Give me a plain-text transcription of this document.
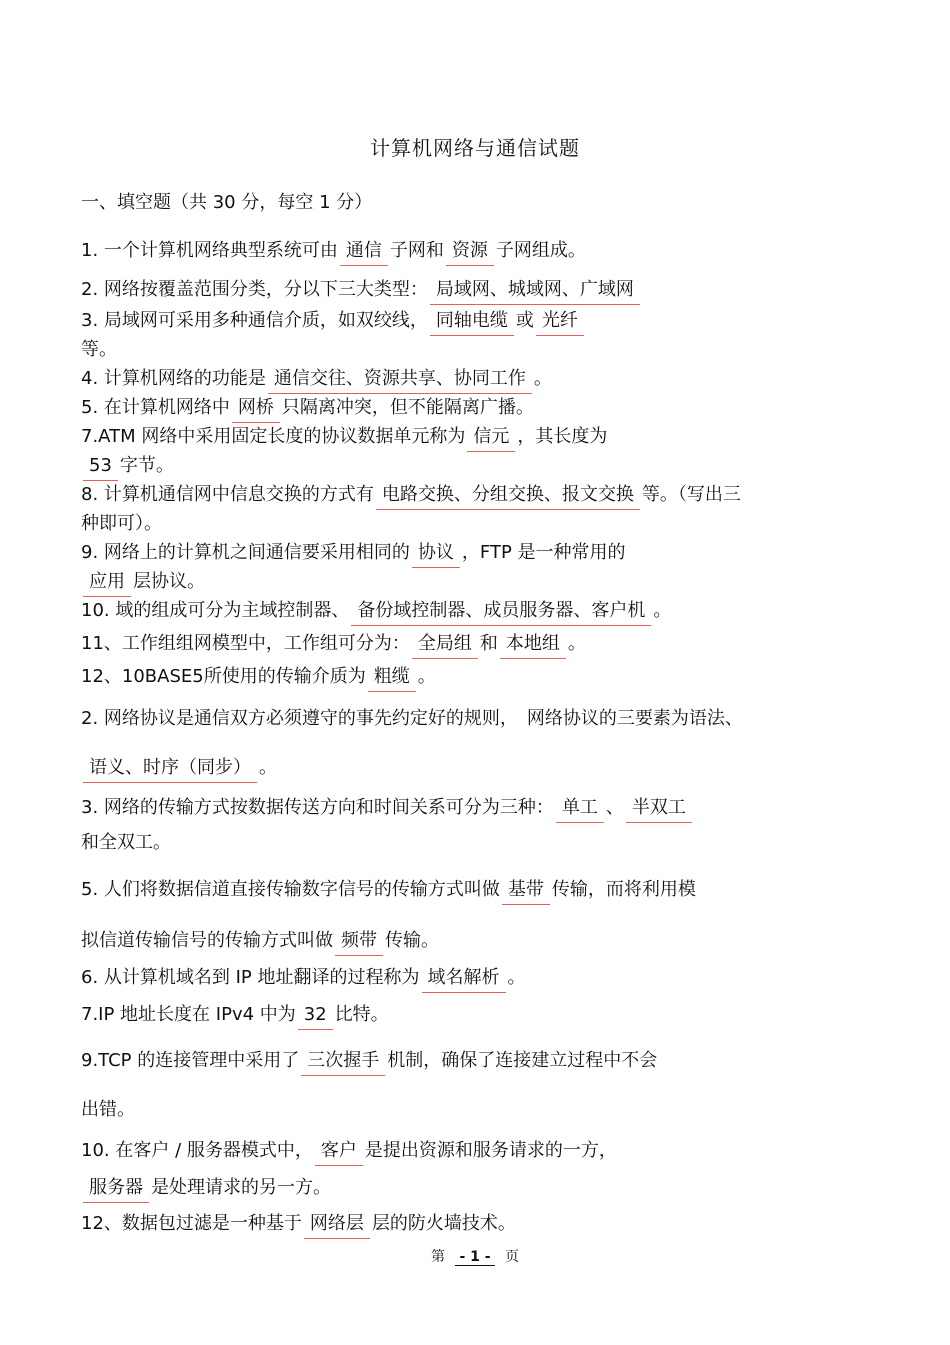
计算机网络与通信试题
一、填空题（共 30 分，每空 1 分）
1. 一个计算机网络典型系统可由 通信 子网和 资源 子网组成。
2. 网络按覆盖范围分类，分以下三大类型： 局域网、城域网、广域网
3. 局域网可采用多种通信介质，如双绞线， 同轴电缆 或 光纤
等。
4. 计算机网络的功能是 通信交往、资源共享、协同工作 。
5. 在计算机网络中 网桥 只隔离冲突，但不能隔离广播。
7.ATM 网络中采用固定长度的协议数据单元称为 信元 ，其长度为
53 字节。
8. 计算机通信网中信息交换的方式有 电路交换、分组交换、报文交换 等。（写出三
种即可）。
9. 网络上的计算机之间通信要采用相同的 协议 ，FTP 是一种常用的
应用 层协议。
10. 域的组成可分为主域控制器、 备份域控制器、成员服务器、客户机 。
11、工作组组网模型中，工作组可分为： 全局组 和 本地组 。
12、10BASE5所使用的传输介质为 粗缆 。
2. 网络协议是通信双方必须遵守的事先约定好的规则，　网络协议的三要素为语法、
语义、时序（同步） 。
3. 网络的传输方式按数据传送方向和时间关系可分为三种： 单工 、 半双工
和全双工。
5. 人们将数据信道直接传输数字信号的传输方式叫做 基带 传输，而将利用模
拟信道传输信号的传输方式叫做 频带 传输。
6. 从计算机域名到 IP 地址翻译的过程称为 域名解析 。
7.IP 地址长度在 IPv4 中为 32 比特。
9.TCP 的连接管理中采用了 三次握手 机制，确保了连接建立过程中不会
出错。
10. 在客户 / 服务器模式中， 客户 是提出资源和服务请求的一方，
服务器 是处理请求的另一方。
12、数据包过滤是一种基于 网络层 层的防火墙技术。
第 - 1 - 页
